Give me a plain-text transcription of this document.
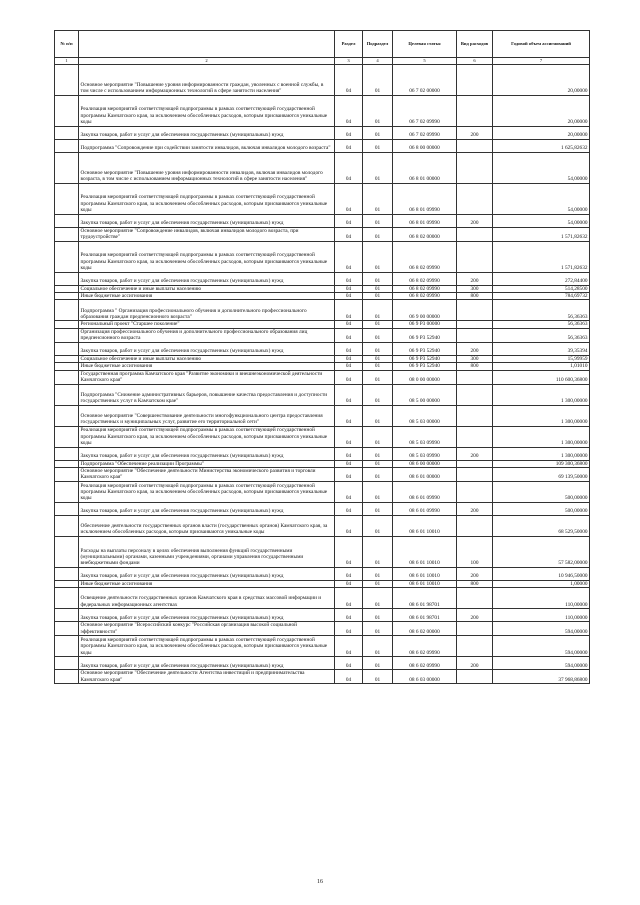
№ п/п		Раздел	Подраздел	Целевая статья	Вид расходов	Годовой объем ассигнований
1	2	3	4	5	6	7
	Основное мероприятие "Повышение уровня информированности граждан, уволенных с военной службы, в том числе с использованием информационных технологий в сфере занятости населения"	04	01	06 7 02 00000		20,00000
	Реализация мероприятий соответствующей подпрограммы в рамках соответствующей государственной программы Камчатского края, за исключением обособленных расходов, которым присваиваются уникальные коды	04	01	06 7 02 09990		20,00000
	Закупка товаров, работ и услуг для обеспечения государственных (муниципальных) нужд	04	01	06 7 02 09990	200	20,00000
	Подпрограмма "Сопровождение при содействии занятости инвалидов, включая инвалидов молодого возраста"	04	01	06 8 00 00000		1 625,82632
	Основное мероприятие "Повышение уровня информированности инвалидов, включая инвалидов молодого возраста, в том числе с использованием информационных технологий в сфере занятости населения"	04	01	06 8 01 00000		54,00000
	Реализация мероприятий соответствующей подпрограммы в рамках соответствующей государственной программы Камчатского края, за исключением обособленных расходов, которым присваиваются уникальные коды	04	01	06 8 01 09990		54,00000
	Закупка товаров, работ и услуг для обеспечения государственных (муниципальных) нужд	04	01	06 8 01 09990	200	54,00000
	Основное мероприятие "Сопровождение инвалидов, включая инвалидов молодого возраста, при трудоустройстве"	04	01	06 8 02 00000		1 571,82632
	Реализация мероприятий соответствующей подпрограммы в рамках соответствующей государственной программы Камчатского края, за исключением обособленных расходов, которым присваиваются уникальные коды	04	01	06 8 02 09990		1 571,82632
	Закупка товаров, работ и услуг для обеспечения государственных (муниципальных) нужд	04	01	06 8 02 09990	200	272,84400
	Социальное обеспечение и иные выплаты населению	04	01	06 8 02 09990	300	514,28500
	Иные бюджетные ассигнования	04	01	06 8 02 09990	800	784,69732
	Подпрограмма " Организация профессионального обучения и дополнительного профессионального образования граждан предпенсионного возраста"	04	01	06 9 00 00000		56,36363
	Региональный проект "Старшее поколение"	04	01	06 9 P3 00000		56,36363
	Организация профессионального обучения и дополнительного профессионального образования лиц предпенсионного возраста	04	01	06 9 P3 52940		56,36363
	Закупка товаров, работ и услуг для обеспечения государственных (муниципальных) нужд	04	01	06 9 P3 52940	200	39,35394
	Социальное обеспечение и иные выплаты населению	04	01	06 9 P3 52940	300	15,99959
	Иные бюджетные ассигнования	04	01	06 9 P3 52940	800	1,01010
	Государственная программа Камчатского края "Развитие экономики и внешнеэкономической деятельности Камчатского края"	04	01	08 0 00 00000		110 600,36800
	Подпрограмма "Снижение административных барьеров, повышение качества предоставления и доступности государственных услуг в Камчатском крае"	04	01	08 5 00 00000		1 300,00000
	Основное мероприятие "Совершенствование деятельности многофункционального центра предоставления государственных и муниципальных услуг, развитие его территориальной сети"	04	01	08 5 03 00000		1 300,00000
	Реализация мероприятий соответствующей подпрограммы в рамках соответствующей государственной программы Камчатского края, за исключением обособленных расходов, которым присваиваются уникальные коды	04	01	08 5 03 09990		1 300,00000
	Закупка товаров, работ и услуг для обеспечения государственных (муниципальных) нужд	04	01	08 5 03 09990	200	1 300,00000
	Подпрограмма "Обеспечение реализации Программы"	04	01	08 6 00 00000		109 300,36800
	Основное мероприятие "Обеспечение деятельности Министерства экономического развития и торговли Камчатского края"	04	01	08 6 01 00000		69 139,50000
	Реализация мероприятий соответствующей подпрограммы в рамках соответствующей государственной программы Камчатского края, за исключением обособленных расходов, которым присваиваются уникальные коды	04	01	08 6 01 09990		500,00000
	Закупка товаров, работ и услуг для обеспечения государственных (муниципальных) нужд	04	01	08 6 01 09990	200	500,00000
	Обеспечение деятельности государственных органов власти (государственных органов) Камчатского края, за исключением обособленных расходов, которым присваиваются уникальные коды	04	01	08 6 01 10010		68 529,50000
	Расходы на выплаты персоналу в целях обеспечения выполнения функций государственными (муниципальными) органами, казенными учреждениями, органами управления государственными внебюджетными фондами	04	01	08 6 01 10010	100	57 582,00000
	Закупка товаров, работ и услуг для обеспечения государственных (муниципальных) нужд	04	01	08 6 01 10010	200	10 946,50000
	Иные бюджетные ассигнования	04	01	08 6 01 10010	800	1,00000
	Освещение деятельности государственных органов Камчатского края в средствах массовой информации и федеральных информационных агентствах	04	01	08 6 01 98701		110,00000
	Закупка товаров, работ и услуг для обеспечения государственных (муниципальных) нужд	04	01	08 6 01 98701	200	110,00000
	Основное мероприятие "Всероссийский конкурс "Российская организация высокой социальной эффективности"	04	01	08 6 02 00000		594,00000
	Реализация мероприятий соответствующей подпрограммы в рамках соответствующей государственной программы Камчатского края, за исключением обособленных расходов, которым присваиваются уникальные коды	04	01	08 6 02 09990		594,00000
	Закупка товаров, работ и услуг для обеспечения государственных (муниципальных) нужд	04	01	08 6 02 09990	200	594,00000
	Основное мероприятие "Обеспечение деятельности Агентства инвестиций и предпринимательства Камчатского края"	04	01	08 6 03 00000		37 968,86800
16
